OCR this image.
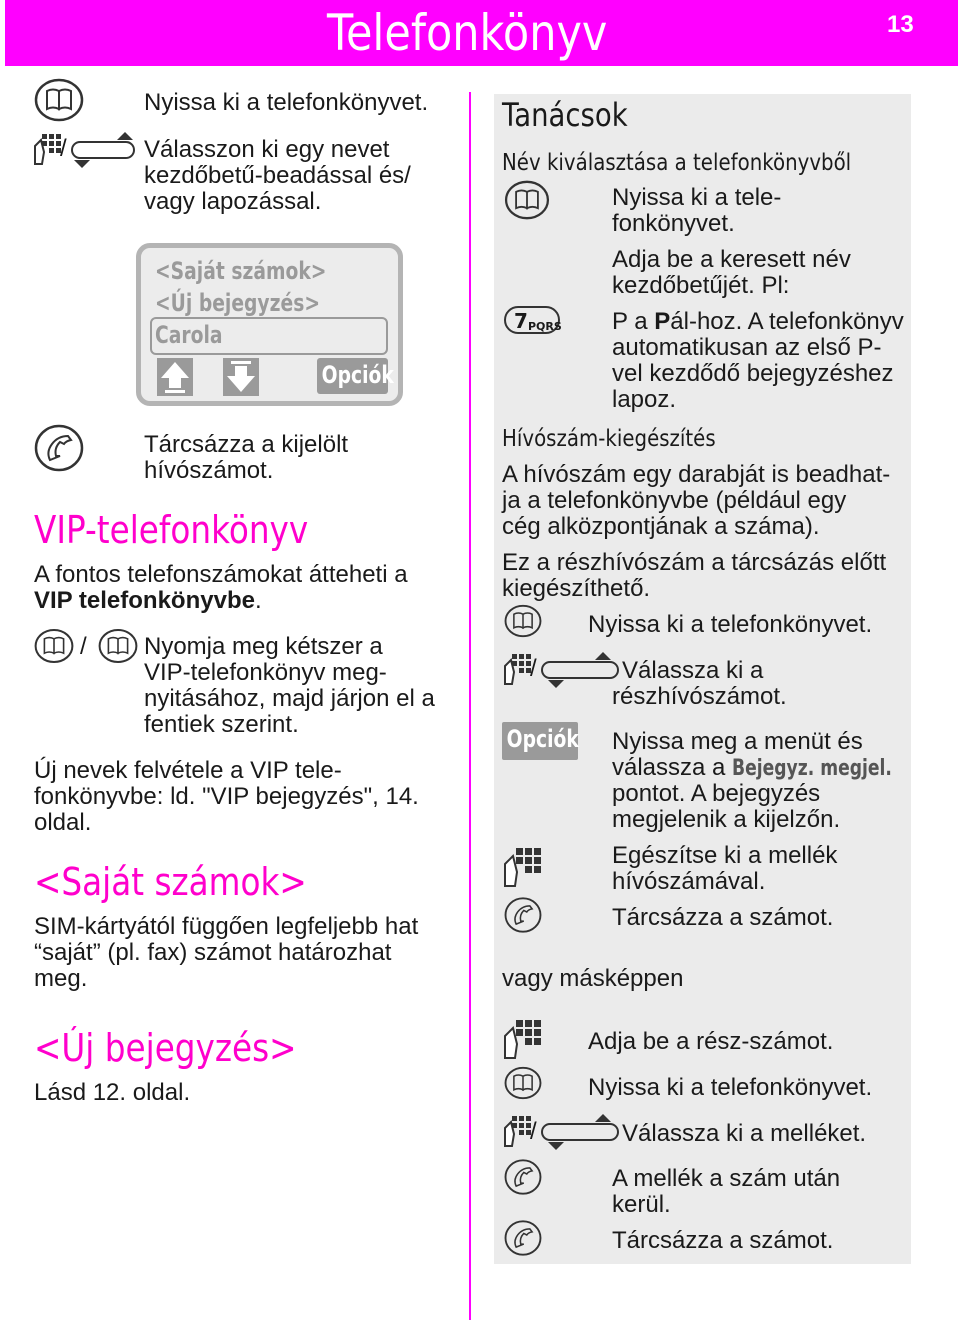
Telefonkönyv	13
Nyissa ki a telefonkönyvet.
/	Válasszon ki egy nevet
kezdőbetű-beadással és/
vagy lapozással.
<Saját számok>
<Új bejegyzés>
Carola
Opciók
Tárcsázza a kijelölt
hívószámot.
VIP-telefonkönyv
A fontos telefonszámokat átteheti a
VIP telefonkönyvbe.
/ Nyomja meg kétszer a
VIP-telefonkönyv meg-
nyitásához, majd járjon el a
fentiek szerint.
Új nevek felvétele a VIP tele-
fonkönyvbe: ld. "VIP bejegyzés", 14.
oldal.
<Saját számok>
SIM-kártyától függően legfeljebb hat
“saját” (pl. fax) számot határozhat
meg.
<Új bejegyzés>
Lásd 12. oldal.
Tanácsok
Név kiválasztása a telefonkönyvből
Nyissa ki a tele-
fonkönyvet.
Adja be a keresett név
kezdőbetűjét. Pl:
7 PQRS P a Pál-hoz. A telefonkönyv
automatikusan az első P-
vel kezdődő bejegyzéshez
lapoz.
Hívószám-kiegészítés
A hívószám egy darabját is beadhat-
ja a telefonkönyvbe (például egy
cég alközpontjának a száma).
Ez a részhívószám a tárcsázás előtt
kiegészíthető.
Nyissa ki a telefonkönyvet.
/	Válassza ki a
részhívószámot.
Opciók Nyissa meg a menüt és
válassza a Bejegyz. megjel.
pontot. A bejegyzés
megjelenik a kijelzőn.
Egészítse ki a mellék
hívószámával.
Tárcsázza a számot.
vagy másképpen
Adja be a rész-számot.
Nyissa ki a telefonkönyvet.
/	Válassza ki a melléket.
A mellék a szám után
kerül.
Tárcsázza a számot.
